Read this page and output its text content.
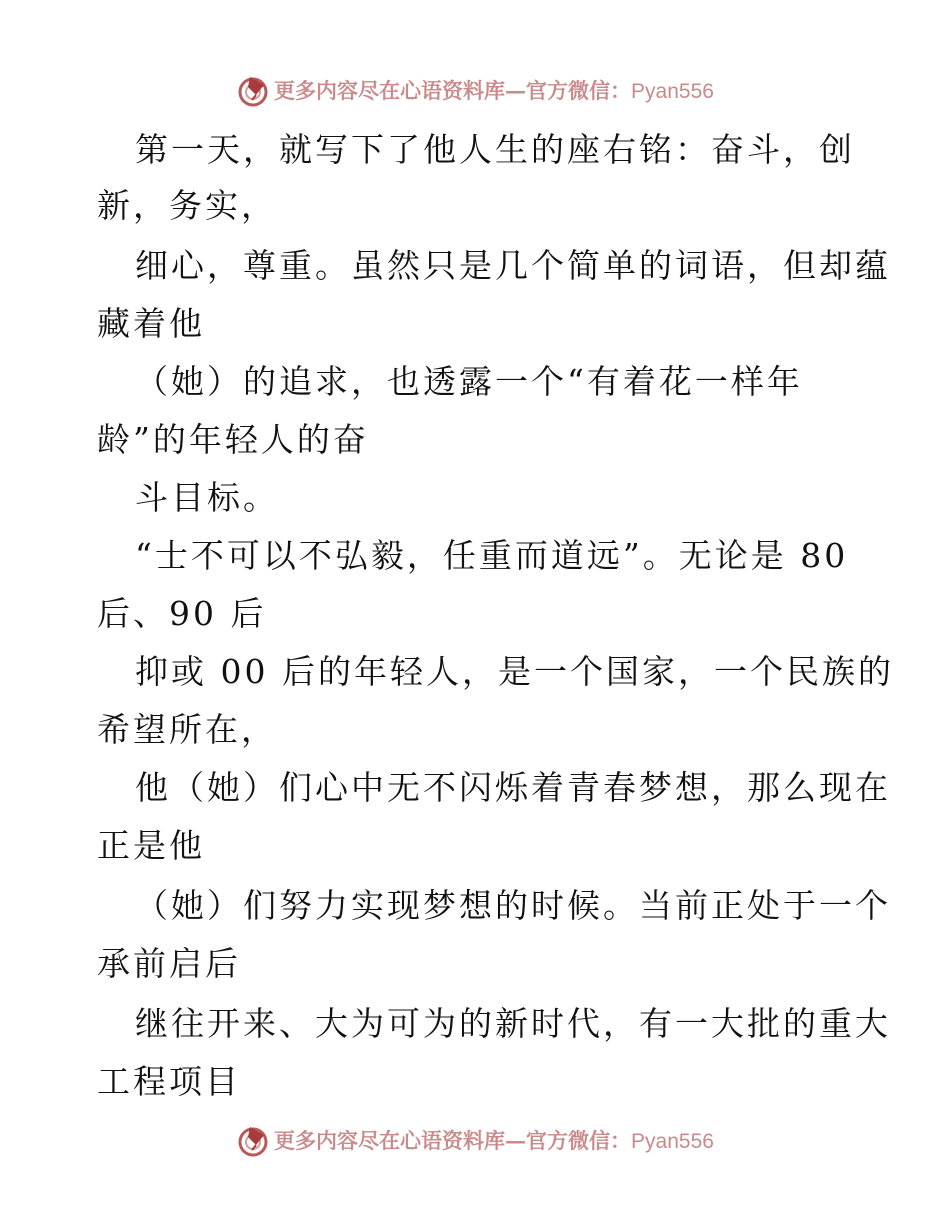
更多内容尽在心语资料库—官方微信：Pyan556
第一天，就写下了他人生的座右铭：奋斗，创
新，务实，
细心，尊重。虽然只是几个简单的词语，但却蕴
藏着他
（她）的追求，也透露一个“有着花一样年
龄”的年轻人的奋
斗目标。
“士不可以不弘毅，任重而道远”。无论是 80
后、90 后
抑或 00 后的年轻人，是一个国家，一个民族的
希望所在，
他（她）们心中无不闪烁着青春梦想，那么现在
正是他
（她）们努力实现梦想的时候。当前正处于一个
承前启后
继往开来、大为可为的新时代，有一大批的重大
工程项目
更多内容尽在心语资料库—官方微信：Pyan556
